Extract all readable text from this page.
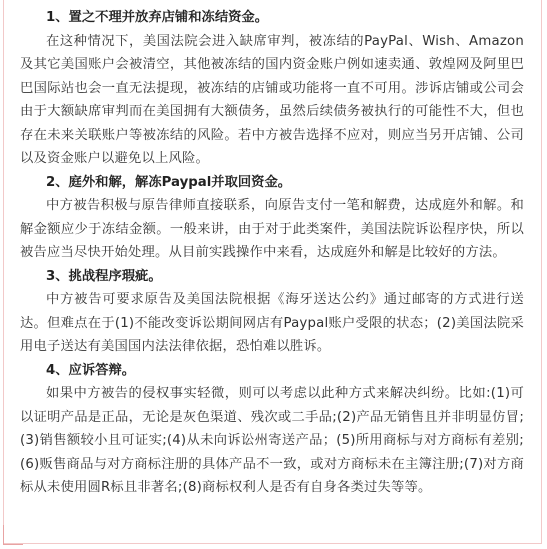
1、置之不理并放弃店铺和冻结资金。
在这种情况下，美国法院会进入缺席审判，被冻结的PayPal、Wish、Amazon及其它美国账户会被清空，其他被冻结的国内资金账户例如速卖通、敦煌网及阿里巴巴国际站也会一直无法提现，被冻结的店铺或功能将一直不可用。涉诉店铺或公司会由于大额缺席审判而在美国拥有大额债务，虽然后续债务被执行的可能性不大，但也存在未来关联账户等被冻结的风险。若中方被告选择不应对，则应当另开店铺、公司以及资金账户以避免以上风险。
2、庭外和解，解冻Paypal并取回资金。
中方被告积极与原告律师直接联系，向原告支付一笔和解费，达成庭外和解。和解金额应少于冻结金额。一般来讲，由于对于此类案件，美国法院诉讼程序快，所以被告应当尽快开始处理。从目前实践操作中来看，达成庭外和解是比较好的方法。
3、挑战程序瑕疵。
中方被告可要求原告及美国法院根据《海牙送达公约》通过邮寄的方式进行送达。但难点在于(1)不能改变诉讼期间网店有Paypal账户受限的状态；(2)美国法院采用电子送达有美国国内法法律依据，恐怕难以胜诉。
4、应诉答辩。
如果中方被告的侵权事实轻微，则可以考虑以此种方式来解决纠纷。比如:(1)可以证明产品是正品，无论是灰色渠道、残次或二手品;(2)产品无销售且并非明显仿冒;(3)销售额较小且可证实;(4)从未向诉讼州寄送产品；(5)所用商标与对方商标有差别;(6)贩售商品与对方商标注册的具体产品不一致，或对方商标未在主簿注册;(7)对方商标从未使用圆R标且非著名;(8)商标权利人是否有自身各类过失等等。
